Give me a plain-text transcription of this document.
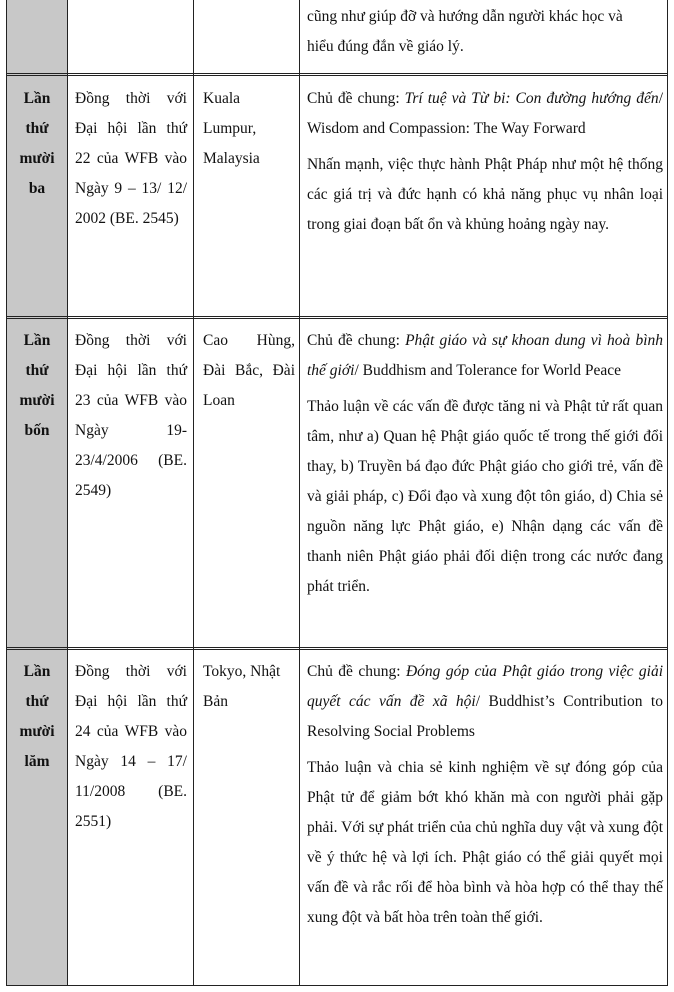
cũng như giúp đỡ và hướng dẫn người khác học và
hiểu đúng đắn về giáo lý.
Lần
thứ
mười
ba
Đồng thời với Đại hội lần thứ 22 của WFB vào Ngày 9 – 13/ 12/ 2002 (BE. 2545)
Kuala Lumpur, Malaysia

Chủ đề chung: Trí tuệ và Từ bi: Con đường hướng đến/ Wisdom and Compassion: The Way Forward

Nhấn mạnh, việc thực hành Phật Pháp như một hệ thống các giá trị và đức hạnh có khả năng phục vụ nhân loại trong giai đoạn bất ổn và khủng hoảng ngày nay.

Lần
thứ
mười
bốn
Đồng thời với Đại hội lần thứ 23 của WFB vào Ngày 19-23/4/2006 (BE. 2549)
Cao Hùng, Đài Bắc, Đài Loan

Chủ đề chung: Phật giáo và sự khoan dung vì hoà bình thế giới/ Buddhism and Tolerance for World Peace

Thảo luận về các vấn đề được tăng ni và Phật tử rất quan tâm, như a) Quan hệ Phật giáo quốc tế trong thế giới đổi thay, b) Truyền bá đạo đức Phật giáo cho giới trẻ, vấn đề và giải pháp, c) Đổi đạo và xung đột tôn giáo, d) Chia sẻ nguồn năng lực Phật giáo, e) Nhận dạng các vấn đề thanh niên Phật giáo phải đối diện trong các nước đang phát triển.

Lần
thứ
mười
lăm
Đồng thời với Đại hội lần thứ 24 của WFB vào Ngày 14 – 17/ 11/2008 (BE. 2551)
Tokyo, Nhật Bản

Chủ đề chung: Đóng góp của Phật giáo trong việc giải quyết các vấn đề xã hội/ Buddhist’s Contribution to Resolving Social Problems

Thảo luận và chia sẻ kinh nghiệm về sự đóng góp của Phật tử để giảm bớt khó khăn mà con người phải gặp phải. Với sự phát triển của chủ nghĩa duy vật và xung đột về ý thức hệ và lợi ích. Phật giáo có thể giải quyết mọi vấn đề và rắc rối để hòa bình và hòa hợp có thể thay thế xung đột và bất hòa trên toàn thế giới.
